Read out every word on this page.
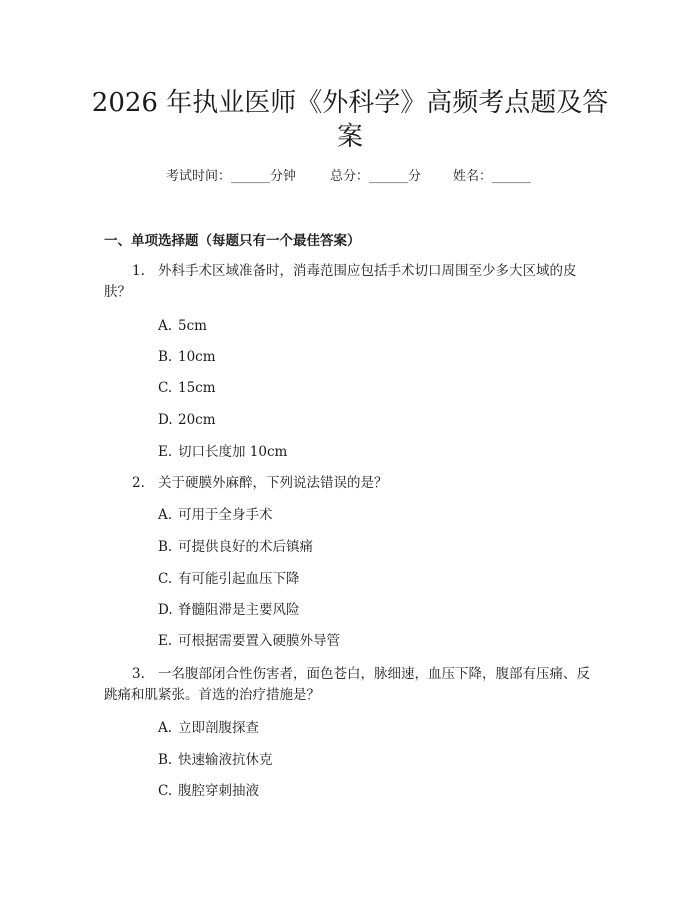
2026 年执业医师《外科学》高频考点题及答
案
考试时间：______分钟	总分：______分 姓名：______
一、单项选择题（每题只有一个最佳答案）
1. 外科手术区域准备时，消毒范围应包括手术切口周围至少多大区域的皮
肤？
A. 5cm
B. 10cm
C. 15cm
D. 20cm
E. 切口长度加 10cm
2. 关于硬膜外麻醉，下列说法错误的是？
A. 可用于全身手术
B. 可提供良好的术后镇痛
C. 有可能引起血压下降
D. 脊髓阻滞是主要风险
E. 可根据需要置入硬膜外导管
3. 一名腹部闭合性伤害者，面色苍白，脉细速，血压下降，腹部有压痛、反
跳痛和肌紧张。首选的治疗措施是？
A. 立即剖腹探查
B. 快速输液抗休克
C. 腹腔穿刺抽液
